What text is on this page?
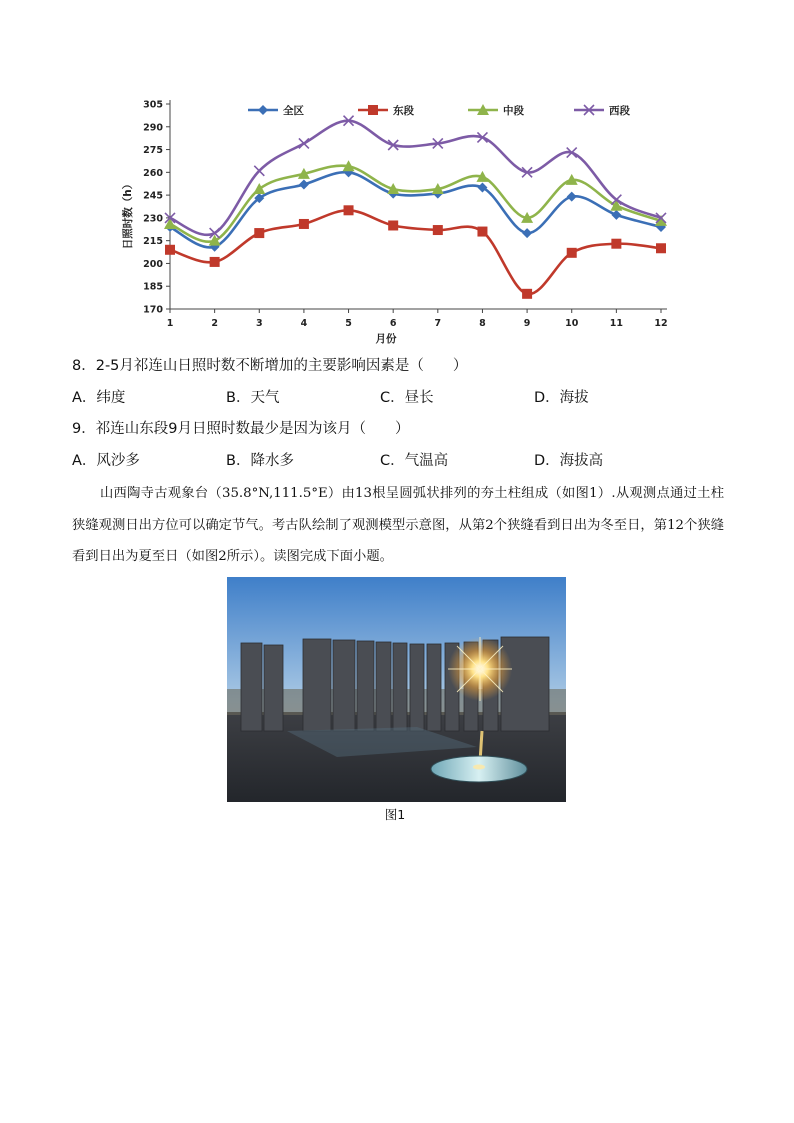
170
185
200
215
230
245
260
275
290
305
1	2	3	4	5	6	7	8	9	10	11	12
全区	东段	中段	西段
日照时数（h）
月份
8．2-5月祁连山日照时数不断增加的主要影响因素是（　　）
A．纬度	B．天气	C．昼长	D．海拔
9．祁连山东段9月日照时数最少是因为该月（　　）
A．风沙多	B．降水多	C．气温高	D．海拔高
山西陶寺古观象台（35.8°N,111.5°E）由13根呈圆弧状排列的夯土柱组成（如图1）.从观测点通过土柱狭缝观测日出方位可以确定节气。考古队绘制了观测模型示意图，从第2个狭缝看到日出为冬至日，第12个狭缝看到日出为夏至日（如图2所示）。读图完成下面小题。
图1
